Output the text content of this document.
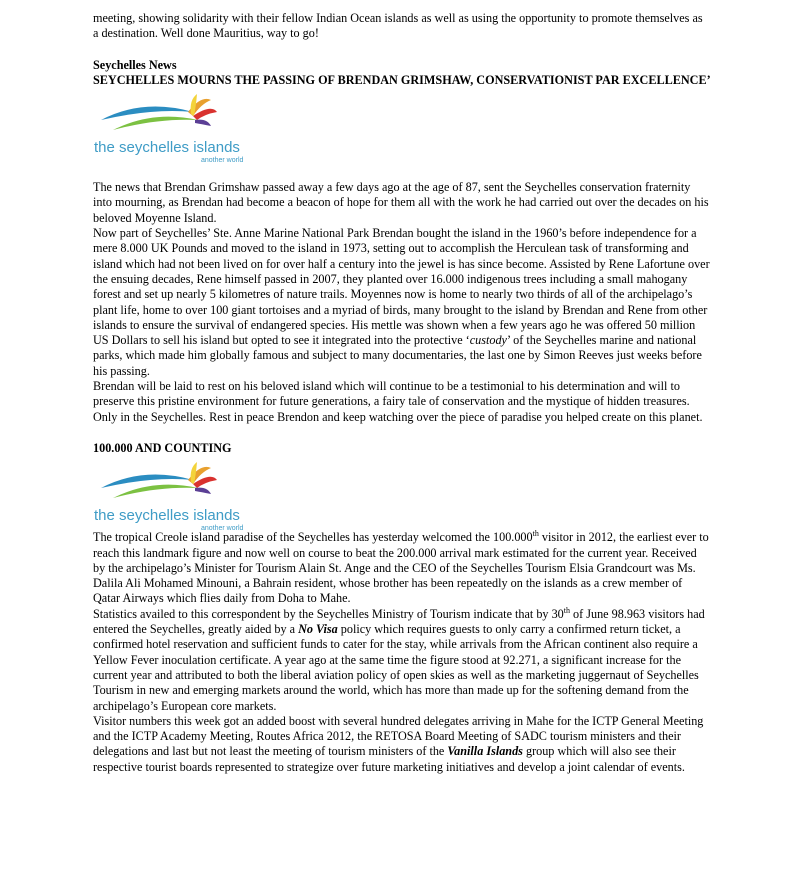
meeting, showing solidarity with their fellow Indian Ocean islands as well as using the opportunity to promote themselves as a destination. Well done Mauritius, way to go!

Seychelles News

SEYCHELLES MOURNS THE PASSING OF BRENDAN GRIMSHAW, CONSERVATIONIST PAR EXCELLENCE’

the seychelles islands
another world

The news that Brendan Grimshaw passed away a few days ago at the age of 87, sent the Seychelles conservation fraternity into mourning, as Brendan had become a beacon of hope for them all with the work he had carried out over the decades on his beloved Moyenne Island.

Now part of Seychelles’ Ste. Anne Marine National Park Brendan bought the island in the 1960’s before independence for a mere 8.000 UK Pounds and moved to the island in 1973, setting out to accomplish the Herculean task of transforming and island which had not been lived on for over half a century into the jewel is has since become. Assisted by Rene Lafortune over the ensuing decades, Rene himself passed in 2007, they planted over 16.000 indigenous trees including a small mahogany forest and set up nearly 5 kilometres of nature trails. Moyennes now is home to nearly two thirds of all of the archipelago’s plant life, home to over 100 giant tortoises and a myriad of birds, many brought to the island by Brendan and Rene from other islands to ensure the survival of endangered species. His mettle was shown when a few years ago he was offered 50 million US Dollars to sell his island but opted to see it integrated into the protective ‘custody’ of the Seychelles marine and national parks, which made him globally famous and subject to many documentaries, the last one by Simon Reeves just weeks before his passing.

Brendan will be laid to rest on his beloved island which will continue to be a testimonial to his determination and will to preserve this pristine environment for future generations, a fairy tale of conservation and the mystique of hidden treasures. Only in the Seychelles. Rest in peace Brendon and keep watching over the piece of paradise you helped create on this planet.

100.000 AND COUNTING

the seychelles islands
another world

The tropical Creole island paradise of the Seychelles has yesterday welcomed the 100.000th visitor in 2012, the earliest ever to reach this landmark figure and now well on course to beat the 200.000 arrival mark estimated for the current year. Received by the archipelago’s Minister for Tourism Alain St. Ange and the CEO of the Seychelles Tourism Elsia Grandcourt was Ms. Dalila Ali Mohamed Minouni, a Bahrain resident, whose brother has been repeatedly on the islands as a crew member of Qatar Airways which flies daily from Doha to Mahe.

Statistics availed to this correspondent by the Seychelles Ministry of Tourism indicate that by 30th of June 98.963 visitors had entered the Seychelles, greatly aided by a No Visa policy which requires guests to only carry a confirmed return ticket, a confirmed hotel reservation and sufficient funds to cater for the stay, while arrivals from the African continent also require a Yellow Fever inoculation certificate. A year ago at the same time the figure stood at 92.271, a significant increase for the current year and attributed to both the liberal aviation policy of open skies as well as the marketing juggernaut of Seychelles Tourism in new and emerging markets around the world, which has more than made up for the softening demand from the archipelago’s European core markets.

Visitor numbers this week got an added boost with several hundred delegates arriving in Mahe for the ICTP General Meeting and the ICTP Academy Meeting, Routes Africa 2012, the RETOSA Board Meeting of SADC tourism ministers and their delegations and last but not least the meeting of tourism ministers of the Vanilla Islands group which will also see their respective tourist boards represented to strategize over future marketing initiatives and develop a joint calendar of events.
